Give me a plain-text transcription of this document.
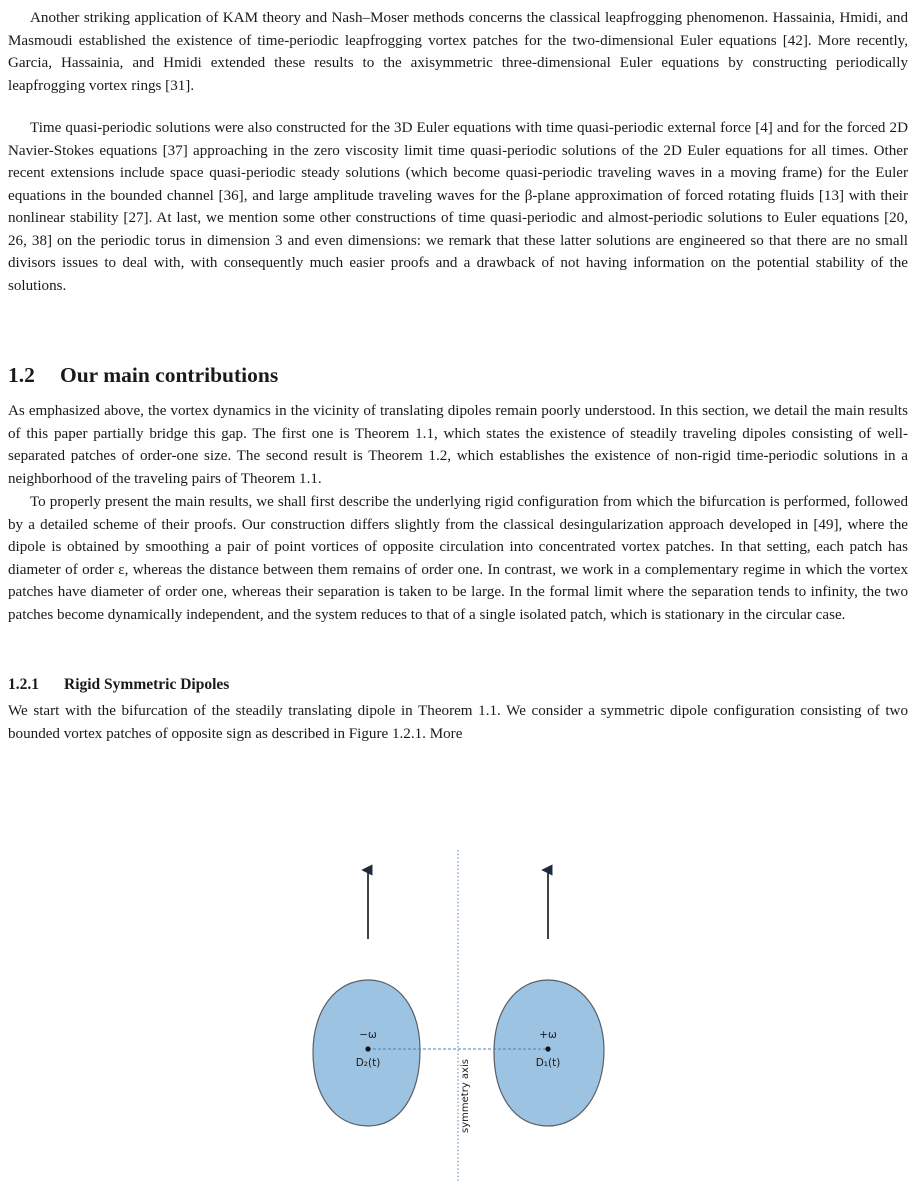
Another striking application of KAM theory and Nash–Moser methods concerns the classical leapfrogging phenomenon. Hassainia, Hmidi, and Masmoudi established the existence of time-periodic leapfrogging vortex patches for the two-dimensional Euler equations [42]. More recently, Garcia, Hassainia, and Hmidi extended these results to the axisymmetric three-dimensional Euler equations by constructing periodically leapfrogging vortex rings [31].

Time quasi-periodic solutions were also constructed for the 3D Euler equations with time quasi-periodic external force [4] and for the forced 2D Navier-Stokes equations [37] approaching in the zero viscosity limit time quasi-periodic solutions of the 2D Euler equations for all times. Other recent extensions include space quasi-periodic steady solutions (which become quasi-periodic traveling waves in a moving frame) for the Euler equations in the bounded channel [36], and large amplitude traveling waves for the β-plane approximation of forced rotating fluids [13] with their nonlinear stability [27]. At last, we mention some other constructions of time quasi-periodic and almost-periodic solutions to Euler equations [20, 26, 38] on the periodic torus in dimension 3 and even dimensions: we remark that these latter solutions are engineered so that there are no small divisors issues to deal with, with consequently much easier proofs and a drawback of not having information on the potential stability of the solutions.

1.2 Our main contributions

As emphasized above, the vortex dynamics in the vicinity of translating dipoles remain poorly understood. In this section, we detail the main results of this paper partially bridge this gap. The first one is Theorem 1.1, which states the existence of steadily traveling dipoles consisting of well-separated patches of order-one size. The second result is Theorem 1.2, which establishes the existence of non-rigid time-periodic solutions in a neighborhood of the traveling pairs of Theorem 1.1.

To properly present the main results, we shall first describe the underlying rigid configuration from which the bifurcation is performed, followed by a detailed scheme of their proofs. Our construction differs slightly from the classical desingularization approach developed in [49], where the dipole is obtained by smoothing a pair of point vortices of opposite circulation into concentrated vortex patches. In that setting, each patch has diameter of order ε, whereas the distance between them remains of order one. In contrast, we work in a complementary regime in which the vortex patches have diameter of order one, whereas their separation is taken to be large. In the formal limit where the separation tends to infinity, the two patches become dynamically independent, and the system reduces to that of a single isolated patch, which is stationary in the circular case.

1.2.1 Rigid Symmetric Dipoles

We start with the bifurcation of the steadily translating dipole in Theorem 1.1. We consider a symmetric dipole configuration consisting of two bounded vortex patches of opposite sign as described in Figure 1.2.1. More

−ω
D₂(t)
+ω
D₁(t)
symmetry axis
